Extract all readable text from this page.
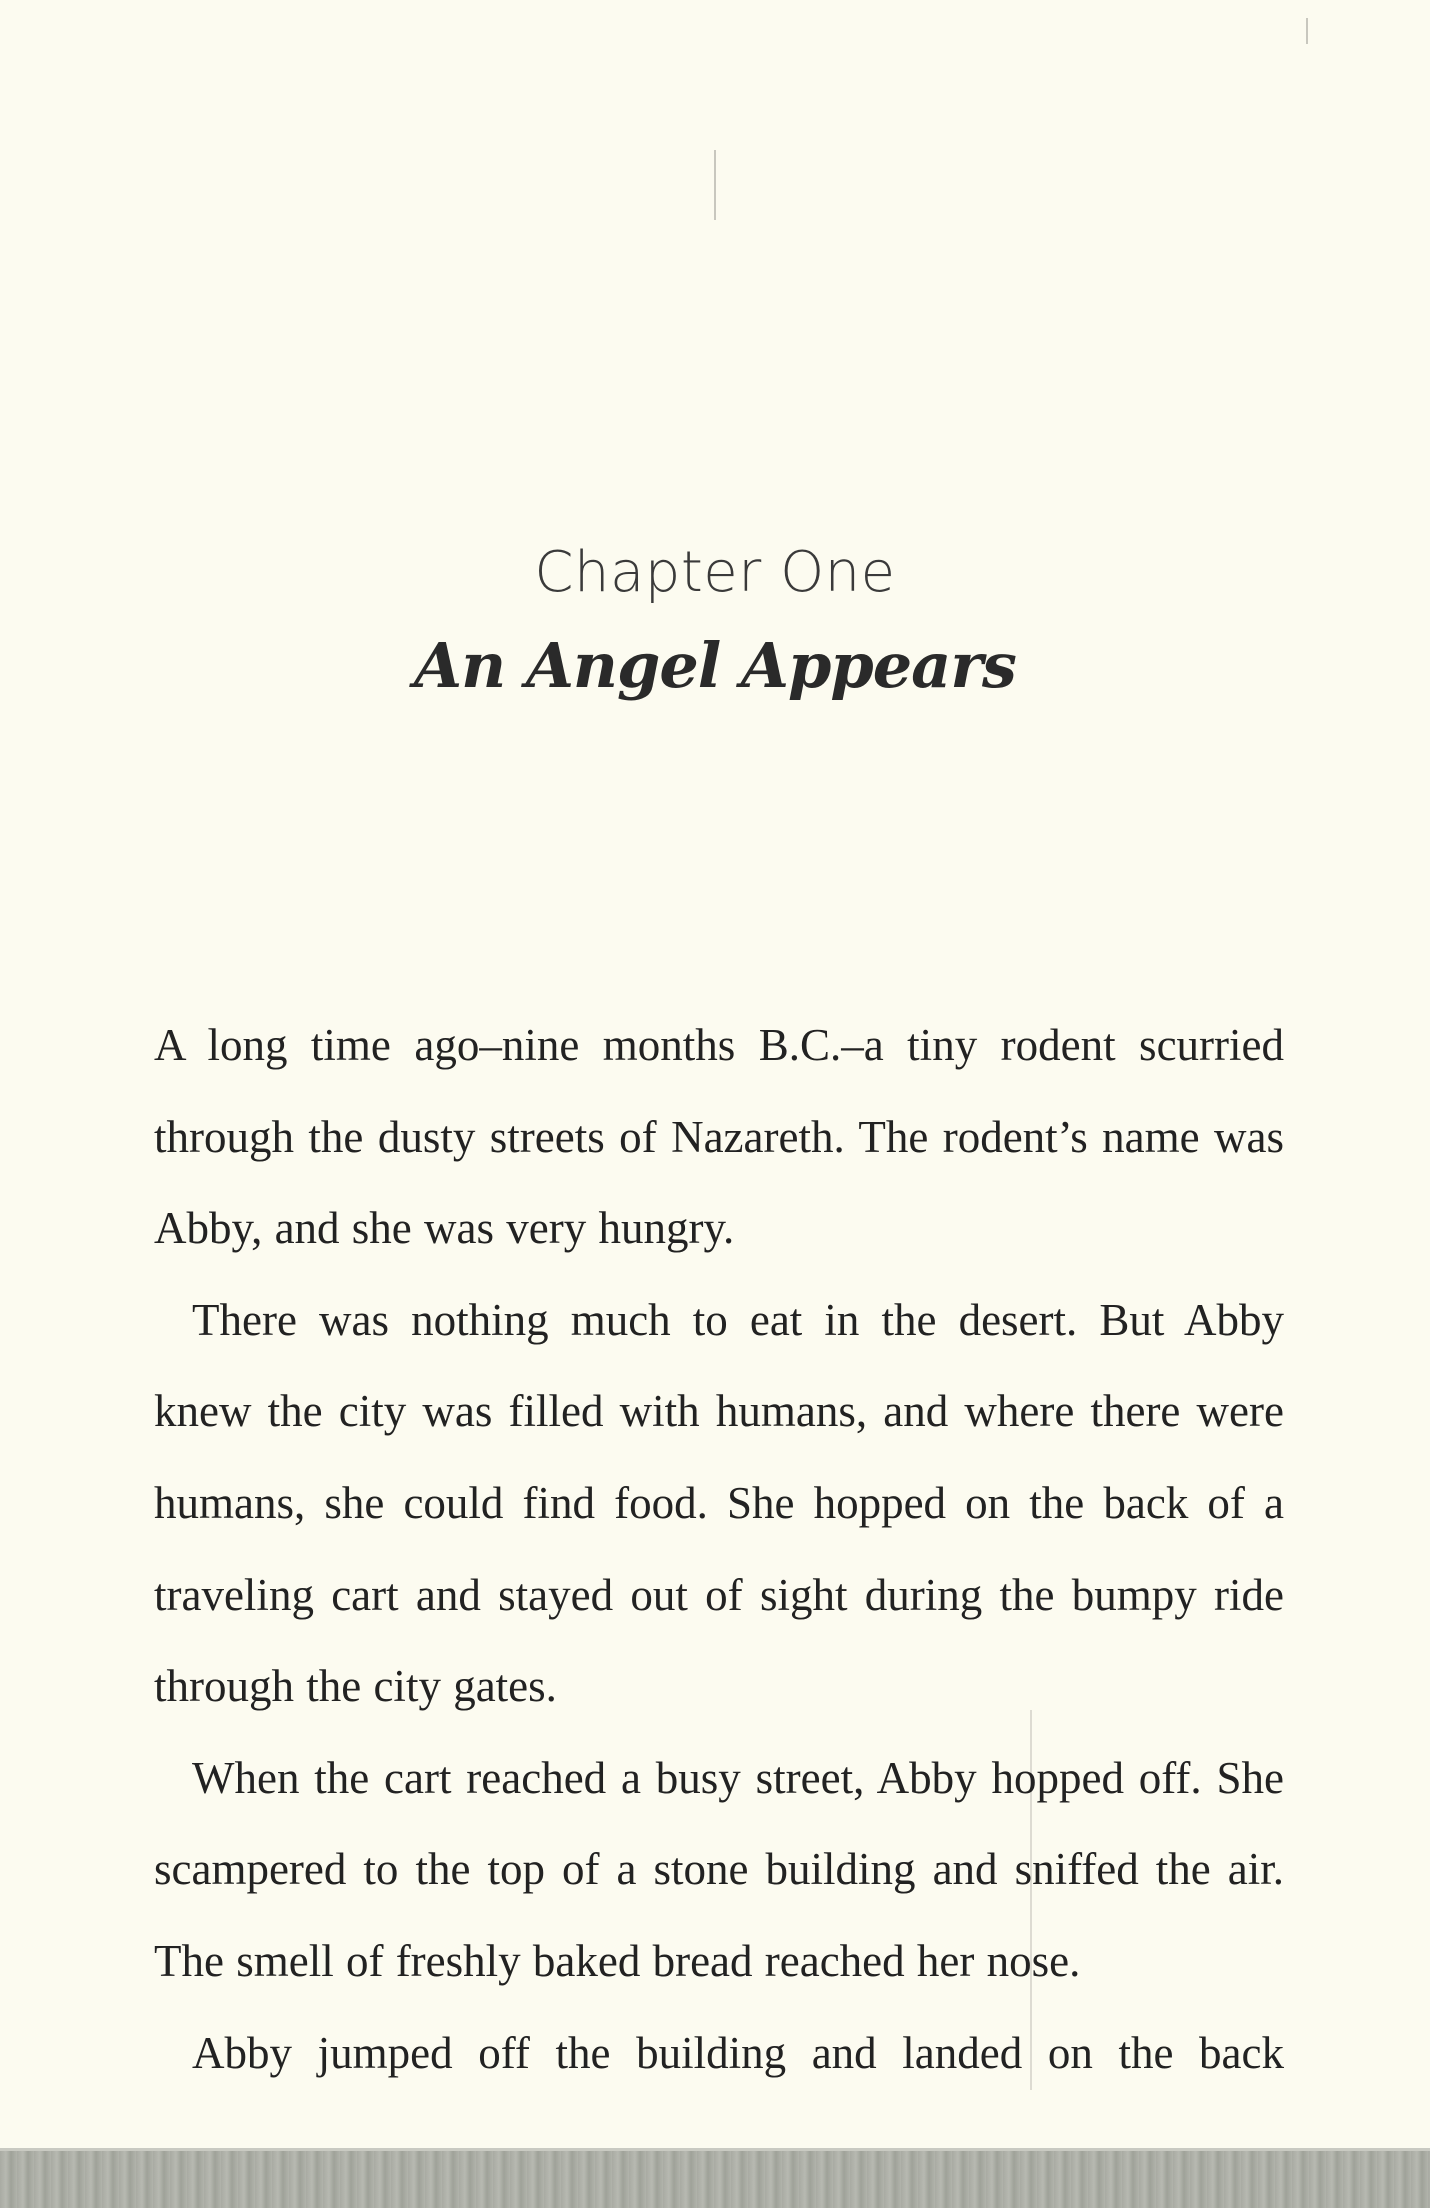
Chapter One
An Angel Appears

A long time ago–nine months B.C.–a tiny rodent scurried through the dusty streets of Nazareth. The rodent’s name was Abby, and she was very hungry.

There was nothing much to eat in the desert. But Abby knew the city was filled with humans, and where there were humans, she could find food. She hopped on the back of a traveling cart and stayed out of sight during the bumpy ride through the city gates.

When the cart reached a busy street, Abby hopped off. She scampered to the top of a stone building and sniffed the air. The smell of freshly baked bread reached her nose.

Abby jumped off the building and landed on the back
